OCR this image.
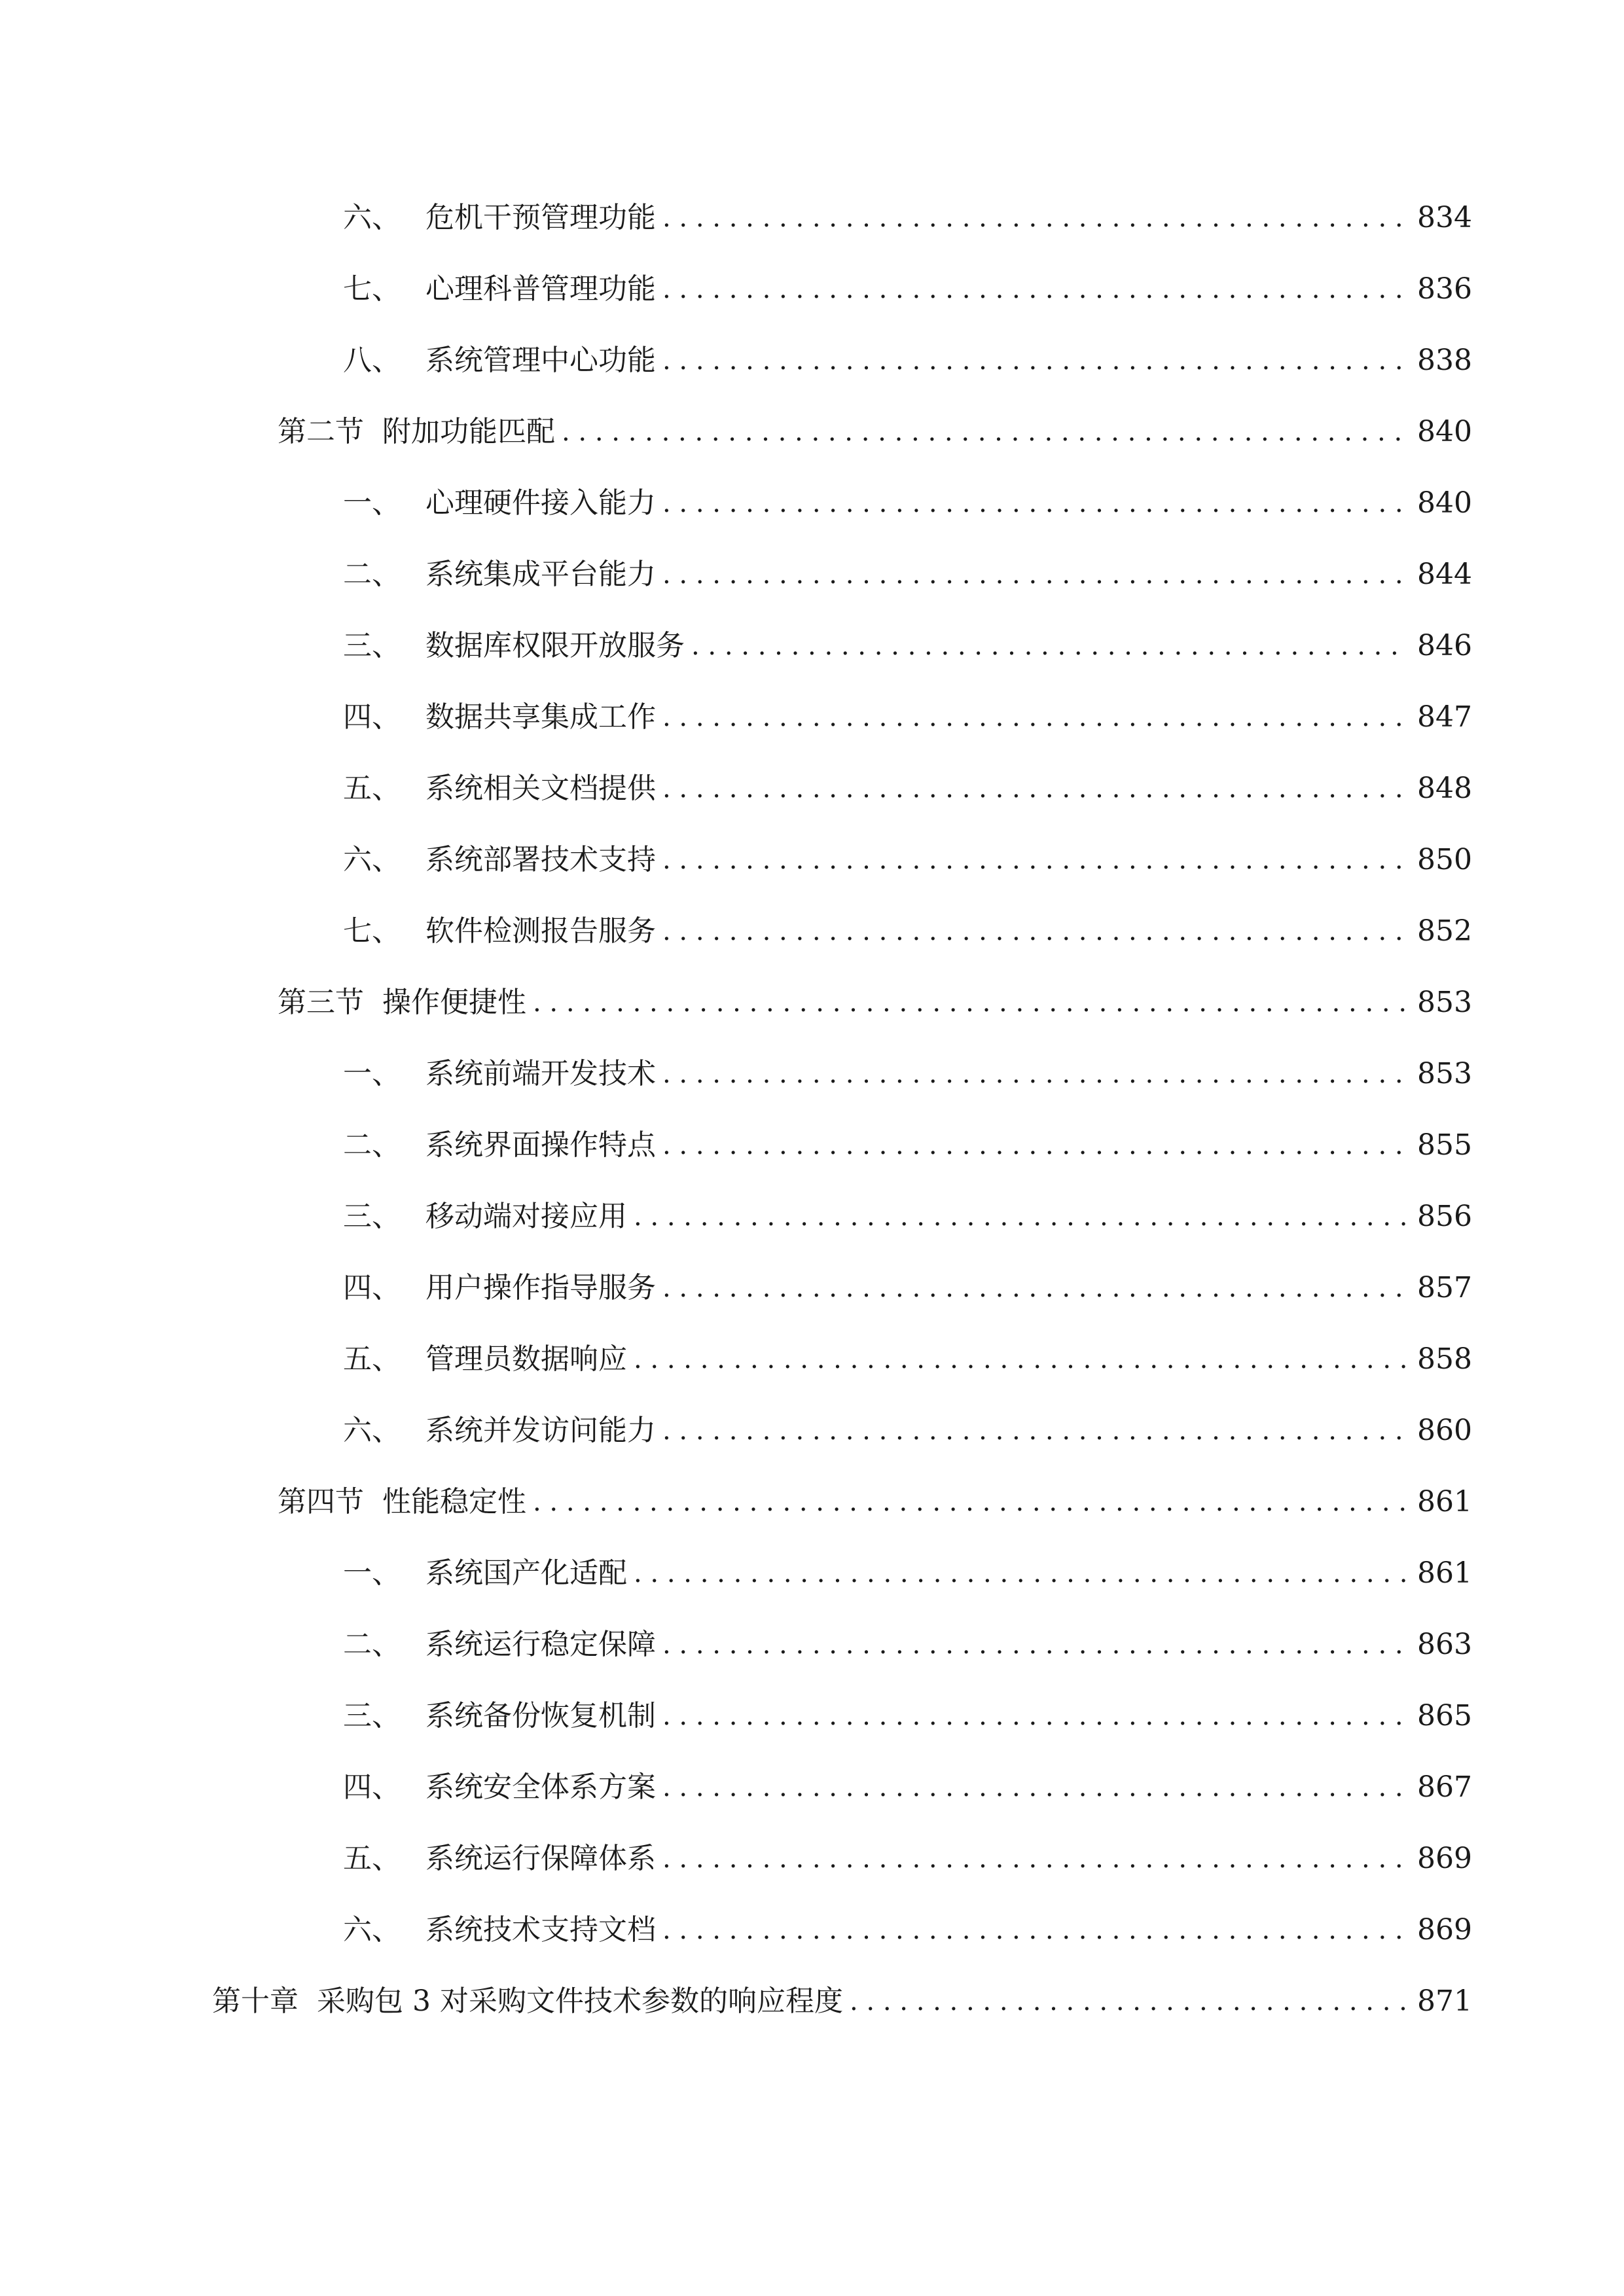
六、 危机干预管理功能 . . .	834
七、 心理科普管理功能 . . .	836
八、 系统管理中心功能 . . .	838
第二节 附加功能匹配 . . .	840
一、 心理硬件接入能力 . . .	840
二、 系统集成平台能力 . . .	844
三、 数据库权限开放服务 . . .	846
四、 数据共享集成工作 . . .	847
五、 系统相关文档提供 . . .	848
六、 系统部署技术支持 . . .	850
七、 软件检测报告服务 . . .	852
第三节 操作便捷性 . . .	853
一、 系统前端开发技术 . . .	853
二、 系统界面操作特点 . . .	855
三、 移动端对接应用 . . .	856
四、 用户操作指导服务 . . .	857
五、 管理员数据响应 . . .	858
六、 系统并发访问能力 . . .	860
第四节 性能稳定性 . . .	861
一、 系统国产化适配 . . .	861
二、 系统运行稳定保障 . . .	863
三、 系统备份恢复机制 . . .	865
四、 系统安全体系方案 . . .	867
五、 系统运行保障体系 . . .	869
六、 系统技术支持文档 . . .	869
第十章 采购包 3 对采购文件技术参数的响应程度 . . .	871
